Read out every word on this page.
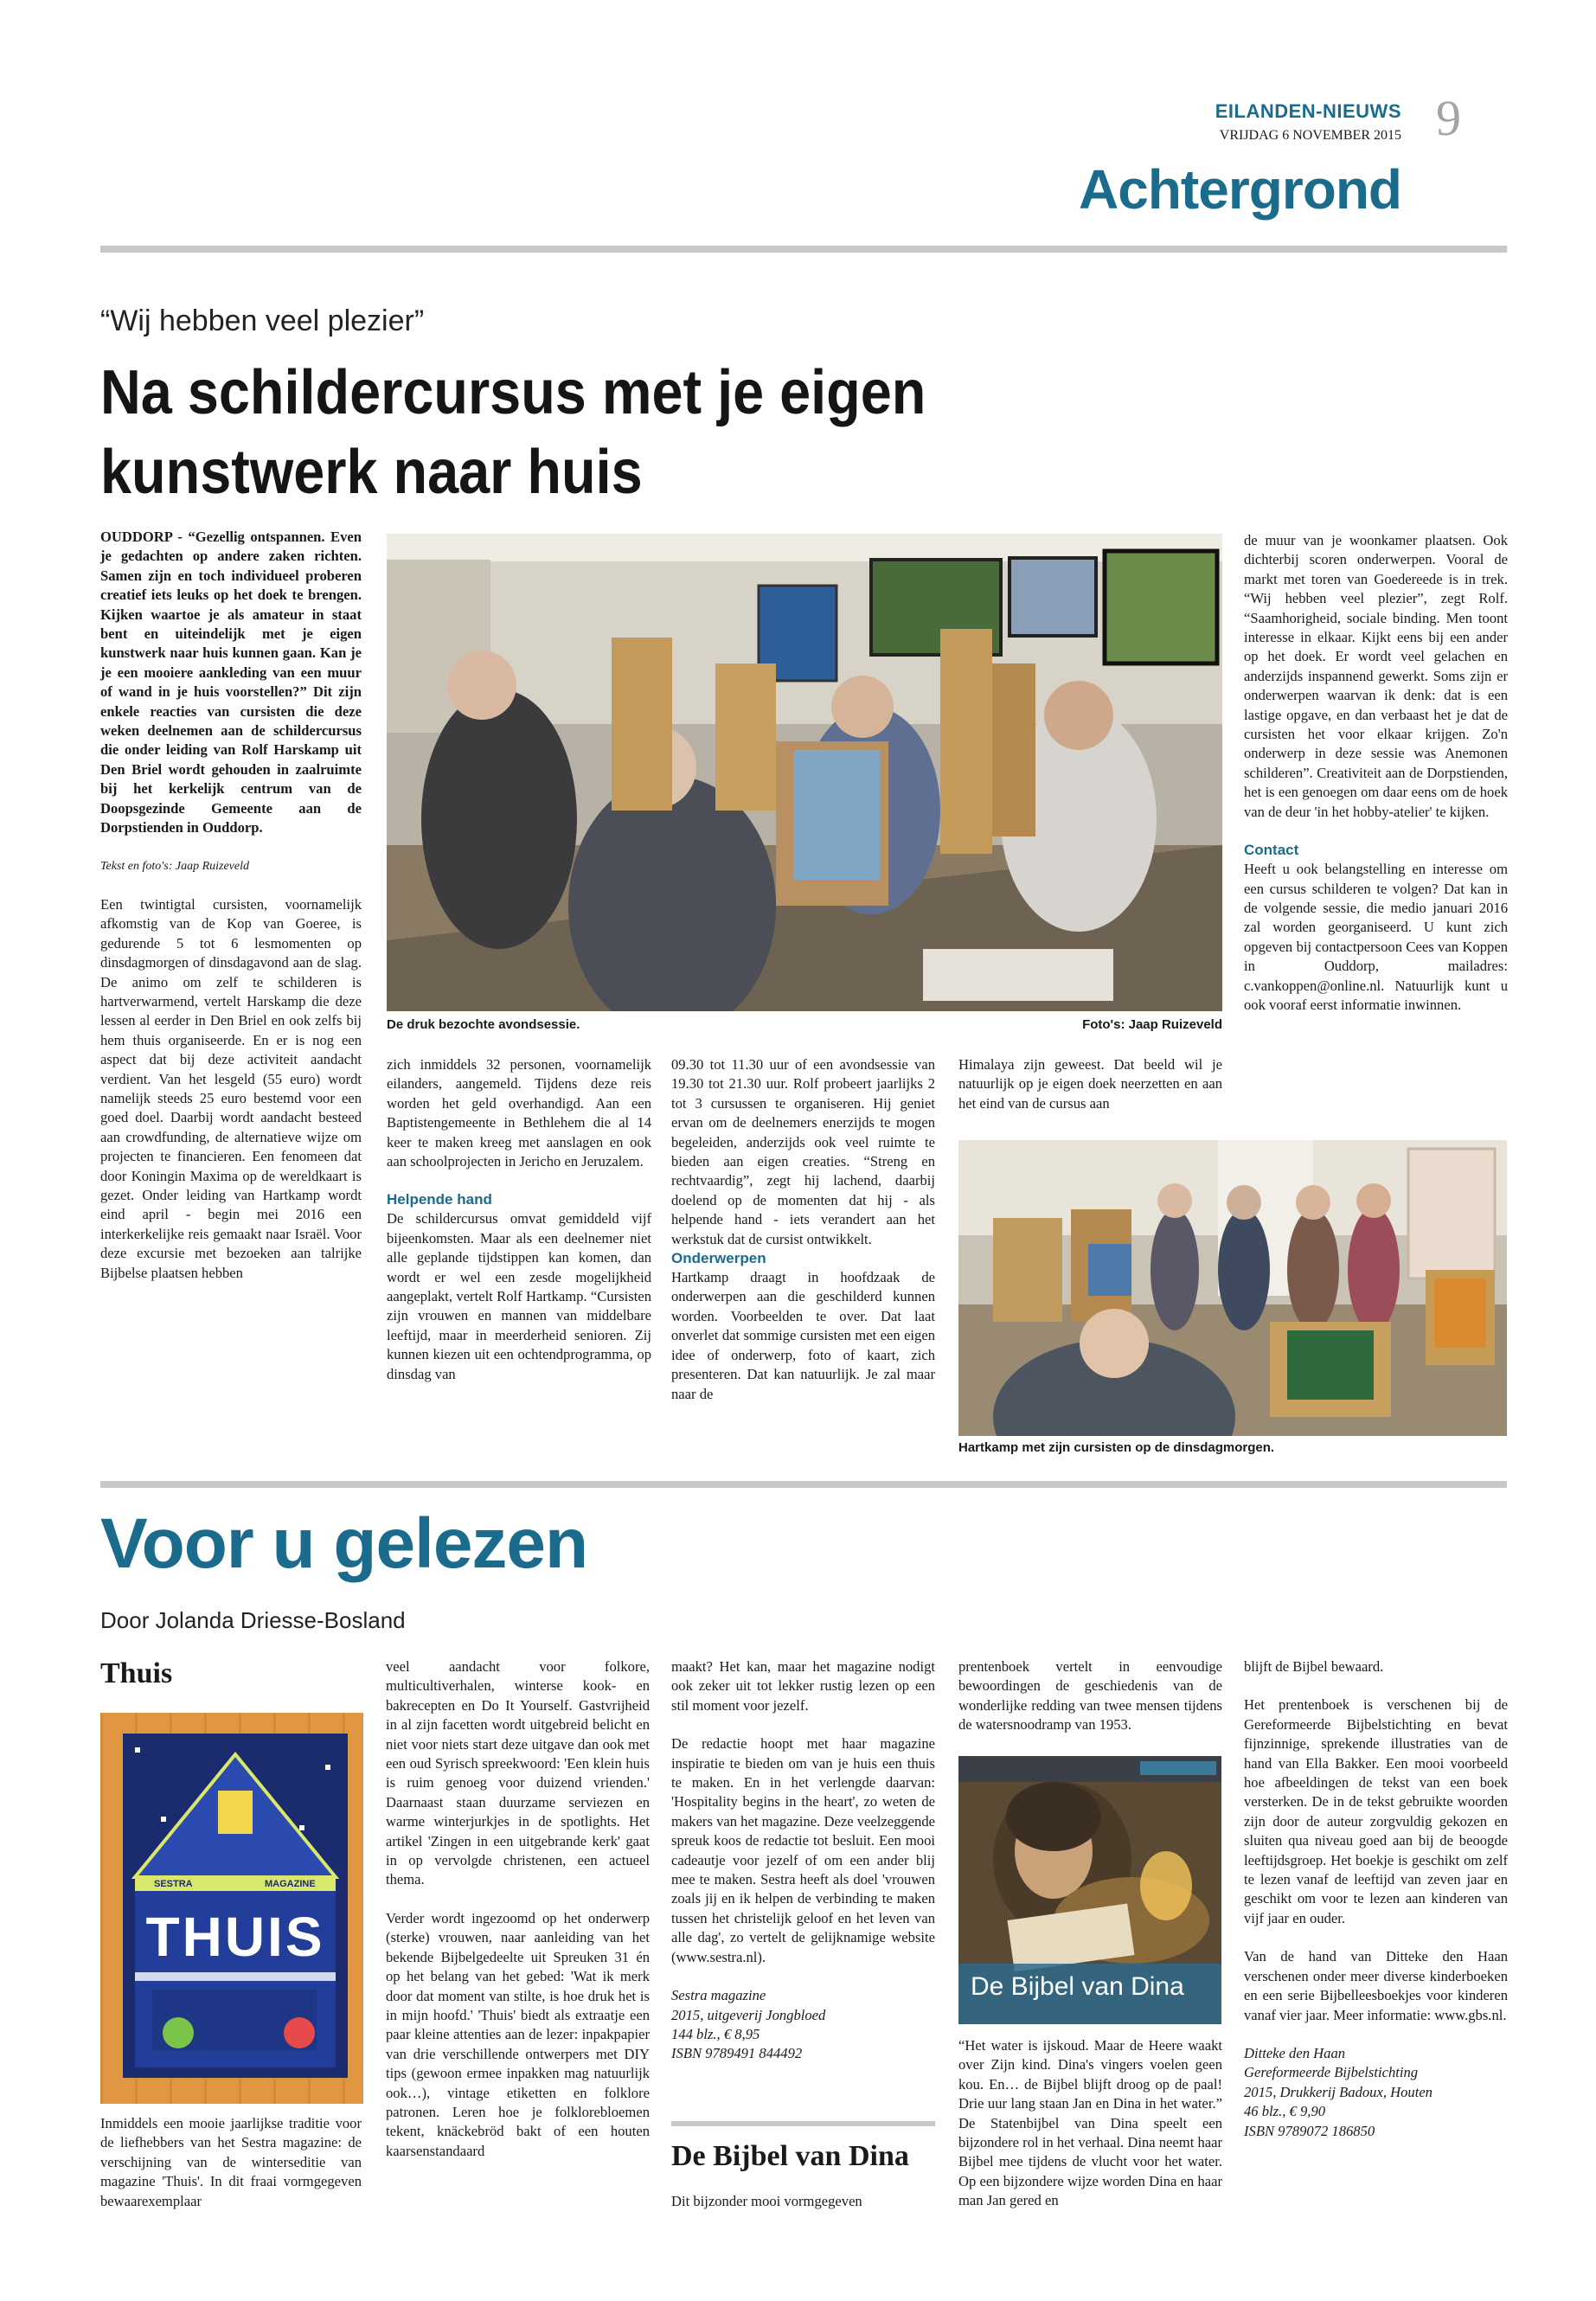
EILANDEN-NIEUWS
VRIJDAG 6 NOVEMBER 2015 9
Achtergrond
“Wij hebben veel plezier”
Na schildercursus met je eigen
kunstwerk naar huis

OUDDORP - “Gezellig ontspannen. Even je gedachten op andere zaken richten. Samen zijn en toch individueel proberen creatief iets leuks op het doek te brengen. Kijken waartoe je als amateur in staat bent en uiteindelijk met je eigen kunstwerk naar huis kunnen gaan. Kan je je een mooiere aankleding van een muur of wand in je huis voorstellen?” Dit zijn enkele reacties van cursisten die deze weken deelnemen aan de schildercursus die onder leiding van Rolf Harskamp uit Den Briel wordt gehouden in zaalruimte bij het kerkelijk centrum van de Doopsgezinde Gemeente aan de Dorpstienden in Ouddorp.

Tekst en foto's: Jaap Ruizeveld

Een twintigtal cursisten, voornamelijk afkomstig van de Kop van Goeree, is gedurende 5 tot 6 lesmomenten op dinsdagmorgen of dinsdagavond aan de slag. De animo om zelf te schilderen is hartverwarmend, vertelt Harskamp die deze lessen al eerder in Den Briel en ook zelfs bij hem thuis organiseerde. En er is nog een aspect dat bij deze activiteit aandacht verdient. Van het lesgeld (55 euro) wordt namelijk steeds 25 euro bestemd voor een goed doel. Daarbij wordt aandacht besteed aan crowdfunding, de alternatieve wijze om projecten te financieren. Een fenomeen dat door Koningin Maxima op de wereldkaart is gezet. Onder leiding van Hartkamp wordt eind april - begin mei 2016 een interkerkelijke reis gemaakt naar Israël. Voor deze excursie met bezoeken aan talrijke Bijbelse plaatsen hebben

De druk bezochte avondsessie.	Foto's: Jaap Ruizeveld

zich inmiddels 32 personen, voornamelijk eilanders, aangemeld. Tijdens deze reis worden het geld overhandigd. Aan een Baptistengemeente in Bethlehem die al 14 keer te maken kreeg met aanslagen en ook aan schoolprojecten in Jericho en Jeruzalem.

Helpende hand

De schildercursus omvat gemiddeld vijf bijeenkomsten. Maar als een deelnemer niet alle geplande tijdstippen kan komen, dan wordt er wel een zesde mogelijkheid aangeplakt, vertelt Rolf Hartkamp. “Cursisten zijn vrouwen en mannen van middelbare leeftijd, maar in meerderheid senioren. Zij kunnen kiezen uit een ochtendprogramma, op dinsdag van

09.30 tot 11.30 uur of een avondsessie van 19.30 tot 21.30 uur. Rolf probeert jaarlijks 2 tot 3 cursussen te organiseren. Hij geniet ervan om de deelnemers enerzijds te mogen begeleiden, anderzijds ook veel ruimte te bieden aan eigen creaties. “Streng en rechtvaardig”, zegt hij lachend, daarbij doelend op de momenten dat hij - als helpende hand - iets verandert aan het werkstuk dat de cursist ontwikkelt.

Onderwerpen

Hartkamp draagt in hoofdzaak de onderwerpen aan die geschilderd kunnen worden. Voorbeelden te over. Dat laat onverlet dat sommige cursisten met een eigen idee of onderwerp, foto of kaart, zich presenteren. Dat kan natuurlijk. Je zal maar naar de

Himalaya zijn geweest. Dat beeld wil je natuurlijk op je eigen doek neerzetten en aan het eind van de cursus aan

Hartkamp met zijn cursisten op de dinsdagmorgen.

de muur van je woonkamer plaatsen. Ook dichterbij scoren onderwerpen. Vooral de markt met toren van Goedereede is in trek. “Wij hebben veel plezier”, zegt Rolf. “Saamhorigheid, sociale binding. Men toont interesse in elkaar. Kijkt eens bij een ander op het doek. Er wordt veel gelachen en anderzijds inspannend gewerkt. Soms zijn er onderwerpen waarvan ik denk: dat is een lastige opgave, en dan verbaast het je dat de cursisten het voor elkaar krijgen. Zo'n onderwerp in deze sessie was Anemonen schilderen”. Creativiteit aan de Dorpstienden, het is een genoegen om daar eens om de hoek van de deur 'in het hobby-atelier' te kijken.

Contact

Heeft u ook belangstelling en interesse om een cursus schilderen te volgen? Dat kan in de volgende sessie, die medio januari 2016 zal worden georganiseerd. U kunt zich opgeven bij contactpersoon Cees van Koppen in Ouddorp, mailadres: c.vankoppen@online.nl. Natuurlijk kunt u ook vooraf eerst informatie inwinnen.

Voor u gelezen
Door Jolanda Driesse-Bosland
Thuis
SESTRA	MAGAZINE
THUIS

Inmiddels een mooie jaarlijkse traditie voor de liefhebbers van het Sestra magazine: de verschijning van de winterseditie van magazine 'Thuis'. In dit fraai vormgegeven bewaarexemplaar

veel aandacht voor folkore, multicultiverhalen, winterse kook- en bakrecepten en Do It Yourself. Gastvrijheid in al zijn facetten wordt uitgebreid belicht en niet voor niets start deze uitgave dan ook met een oud Syrisch spreekwoord: 'Een klein huis is ruim genoeg voor duizend vrienden.' Daarnaast staan duurzame serviezen en warme winterjurkjes in de spotlights. Het artikel 'Zingen in een uitgebrande kerk' gaat in op vervolgde christenen, een actueel thema.

Verder wordt ingezoomd op het onderwerp (sterke) vrouwen, naar aanleiding van het bekende Bijbelgedeelte uit Spreuken 31 én op het belang van het gebed: 'Wat ik merk door dat moment van stilte, is hoe druk het is in mijn hoofd.' 'Thuis' biedt als extraatje een paar kleine attenties aan de lezer: inpakpapier van drie verschillende ontwerpers met DIY tips (gewoon ermee inpakken mag natuurlijk ook…), vintage etiketten en folklore patronen. Leren hoe je folklorebloemen tekent, knäckebröd bakt of een houten kaarsenstandaard

maakt? Het kan, maar het magazine nodigt ook zeker uit tot lekker rustig lezen op een stil moment voor jezelf.

De redactie hoopt met haar magazine inspiratie te bieden om van je huis een thuis te maken. En in het verlengde daarvan: 'Hospitality begins in the heart', zo weten de makers van het magazine. Deze veelzeggende spreuk koos de redactie tot besluit. Een mooi cadeautje voor jezelf of om een ander blij mee te maken. Sestra heeft als doel 'vrouwen zoals jij en ik helpen de verbinding te maken tussen het christelijk geloof en het leven van alle dag', zo vertelt de gelijknamige website (www.sestra.nl).

Sestra magazine

2015, uitgeverij Jongbloed

144 blz., € 8,95

ISBN 9789491 844492

De Bijbel van Dina

Dit bijzonder mooi vormgegeven

prentenboek vertelt in eenvoudige bewoordingen de geschiedenis van de wonderlijke redding van twee mensen tijdens de watersnoodramp van 1953.

De Bijbel van Dina

“Het water is ijskoud. Maar de Heere waakt over Zijn kind. Dina's vingers voelen geen kou. En… de Bijbel blijft droog op de paal! Drie uur lang staan Jan en Dina in het water.” De Statenbijbel van Dina speelt een bijzondere rol in het verhaal. Dina neemt haar Bijbel mee tijdens de vlucht voor het water. Op een bijzondere wijze worden Dina en haar man Jan gered en

blijft de Bijbel bewaard.

Het prentenboek is verschenen bij de Gereformeerde Bijbelstichting en bevat fijnzinnige, sprekende illustraties van de hand van Ella Bakker. Een mooi voorbeeld hoe afbeeldingen de tekst van een boek versterken. De in de tekst gebruikte woorden zijn door de auteur zorgvuldig gekozen en sluiten qua niveau goed aan bij de beoogde leeftijdsgroep. Het boekje is geschikt om zelf te lezen vanaf de leeftijd van zeven jaar en geschikt om voor te lezen aan kinderen van vijf jaar en ouder.

Van de hand van Ditteke den Haan verschenen onder meer diverse kinderboeken en een serie Bijbelleesboekjes voor kinderen vanaf vier jaar. Meer informatie: www.gbs.nl.

Ditteke den Haan

Gereformeerde Bijbelstichting

2015, Drukkerij Badoux, Houten

46 blz., € 9,90

ISBN 9789072 186850
